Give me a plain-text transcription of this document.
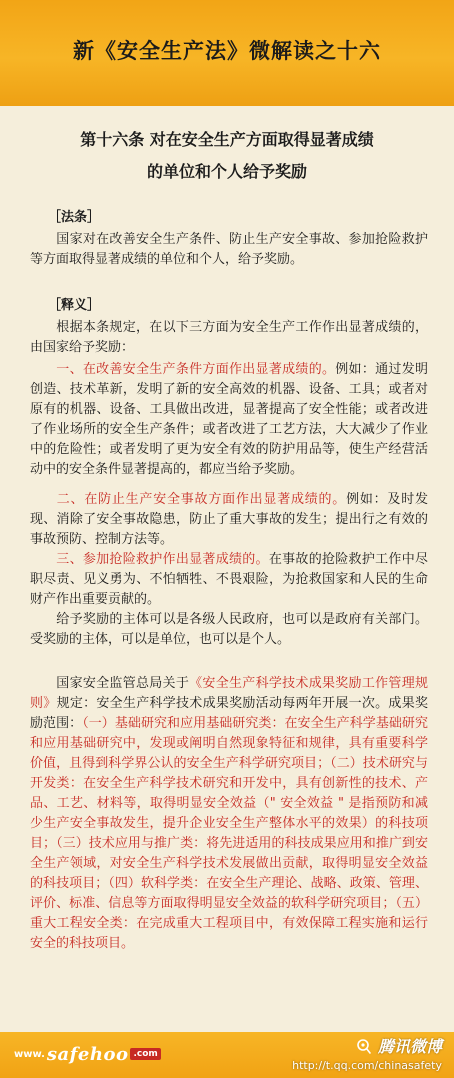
新《安全生产法》微解读之十六
第十六条 对在安全生产方面取得显著成绩
的单位和个人给予奖励
［法条］

国家对在改善安全生产条件、防止生产安全事故、参加抢险救护等方面取得显著成绩的单位和个人，给予奖励。

［释义］

根据本条规定，在以下三方面为安全生产工作作出显著成绩的，由国家给予奖励：

一、在改善安全生产条件方面作出显著成绩的。例如：通过发明创造、技术革新，发明了新的安全高效的机器、设备、工具；或者对原有的机器、设备、工具做出改进，显著提高了安全性能；或者改进了作业场所的安全生产条件；或者改进了工艺方法，大大减少了作业中的危险性；或者发明了更为安全有效的防护用品等，使生产经营活动中的安全条件显著提高的，都应当给予奖励。

二、在防止生产安全事故方面作出显著成绩的。例如：及时发现、消除了安全事故隐患，防止了重大事故的发生；提出行之有效的事故预防、控制方法等。

三、参加抢险救护作出显著成绩的。在事故的抢险救护工作中尽职尽责、见义勇为、不怕牺牲、不畏艰险，为抢救国家和人民的生命财产作出重要贡献的。

给予奖励的主体可以是各级人民政府，也可以是政府有关部门。受奖励的主体，可以是单位，也可以是个人。

国家安全监管总局关于《安全生产科学技术成果奖励工作管理规则》规定：安全生产科学技术成果奖励活动每两年开展一次。成果奖励范围：（一）基础研究和应用基础研究类：在安全生产科学基础研究和应用基础研究中，发现或阐明自然现象特征和规律，具有重要科学价值，且得到科学界公认的安全生产科学研究项目；（二）技术研究与开发类：在安全生产科学技术研究和开发中，具有创新性的技术、产品、工艺、材料等，取得明显安全效益（" 安全效益 " 是指预防和减少生产安全事故发生，提升企业安全生产整体水平的效果）的科技项目；（三）技术应用与推广类：将先进适用的科技成果应用和推广到安全生产领域，对安全生产科学技术发展做出贡献，取得明显安全效益的科技项目；（四）软科学类：在安全生产理论、战略、政策、管理、评价、标准、信息等方面取得明显安全效益的软科学研究项目；（五）重大工程安全类：在完成重大工程项目中，有效保障工程实施和运行安全的科技项目。

www. safehoo .com	腾讯微博
http://t.qq.com/chinasafety
